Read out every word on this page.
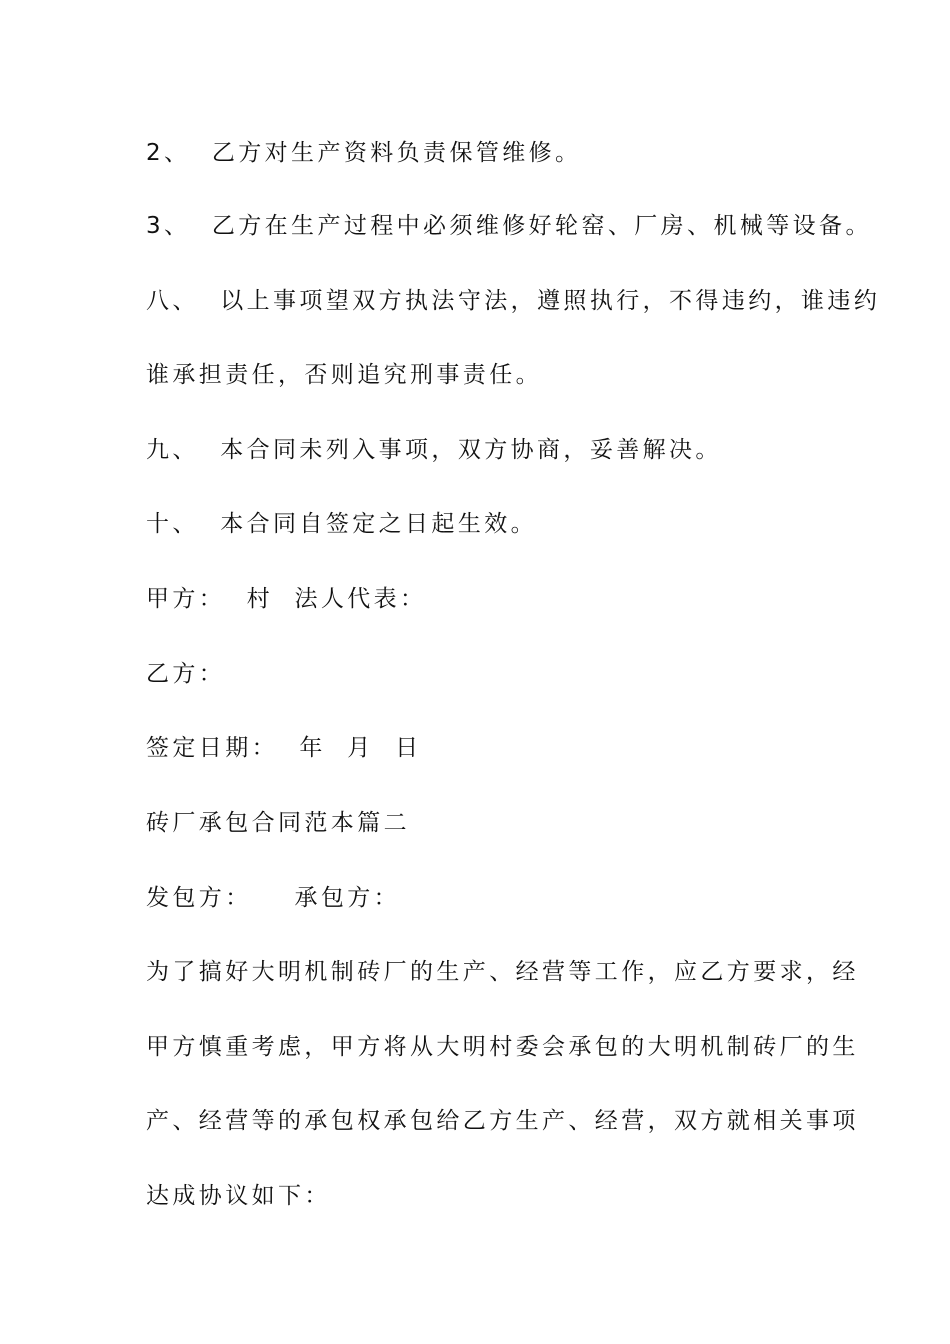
2、  乙方对生产资料负责保管维修。
3、  乙方在生产过程中必须维修好轮窑、厂房、机械等设备。
八、  以上事项望双方执法守法，遵照执行，不得违约，谁违约
谁承担责任，否则追究刑事责任。
九、  本合同未列入事项，双方协商，妥善解决。
十、  本合同自签定之日起生效。
甲方：  村  法人代表：
乙方：
签定日期：  年  月  日
砖厂承包合同范本篇二
发包方：    承包方：
为了搞好大明机制砖厂的生产、经营等工作，应乙方要求，经
甲方慎重考虑，甲方将从大明村委会承包的大明机制砖厂的生
产、经营等的承包权承包给乙方生产、经营，双方就相关事项
达成协议如下：
